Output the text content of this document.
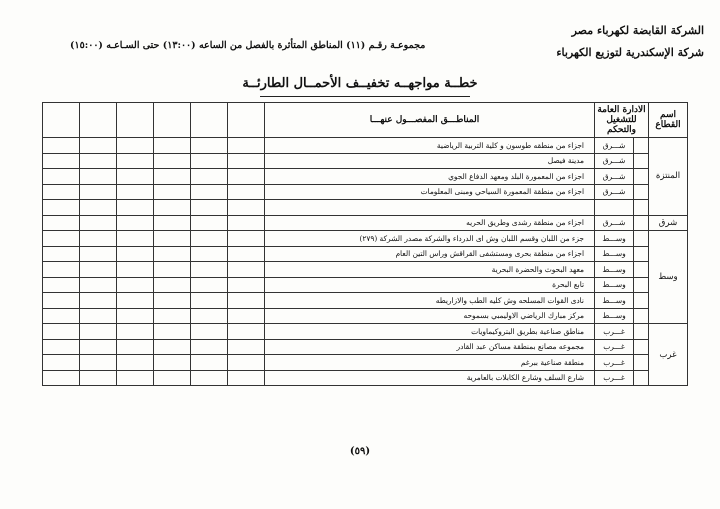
الشركة القابضة لكهرباء مصر
شركة الإسكندرية لتوزيع الكهرباء
مجموعـة رقـم (١١) المناطق المتأثرة بالفصل من الساعه (١٣:٠٠) حتى السـاعـه (١٥:٠٠)
خطــة مواجهــه تخفيــف الأحمــال الطارئــة
اسم القطاع	الادارة العامة للتشغيل والتحكم		المناطـــق المفصـــول عنهـــا						
المنتزة		شـــرق	اجزاء من منطقه طوسون و كلية التربية الرياضية						
		شـــرق	مدينة فيصل						
		شـــرق	اجزاء من المعمورة البلد ومعهد الدفاع الجوي						
		شـــرق	اجزاء من منطقة المعمورة السياحي ومبنى المعلومات						

شرق		شـــرق	اجزاء من منطقة رشدى وطريق الحريه						
وسط		وســـط	جزء من اللبان وقسم اللبان وش اى الدرداء والشركة مصدر الشركة (٢٧٩)						
		وســـط	اجزاء من منطقة بحرى ومستشفى القراقش وراس التين العام						
		وســـط	معهد البحوث والحضرة البحرية						
		وســـط	تابع البحرة						
		وســـط	نادى القوات المسلحه وش كليه الطب والازاريطه						
		وســـط	مركز مبارك الرياضي الاوليمبي بسموحه						
غرب		غـــرب	مناطق صناعية بطريق البتروكيماويات						
		غـــرب	مجموعه مصانع بمنطقة مساكن عبد القادر						
		غـــرب	منطقة صناعية ببرغم						
		غـــرب	شارع السلف وشارع الكابلات بالعامرية						
(٥٩)
